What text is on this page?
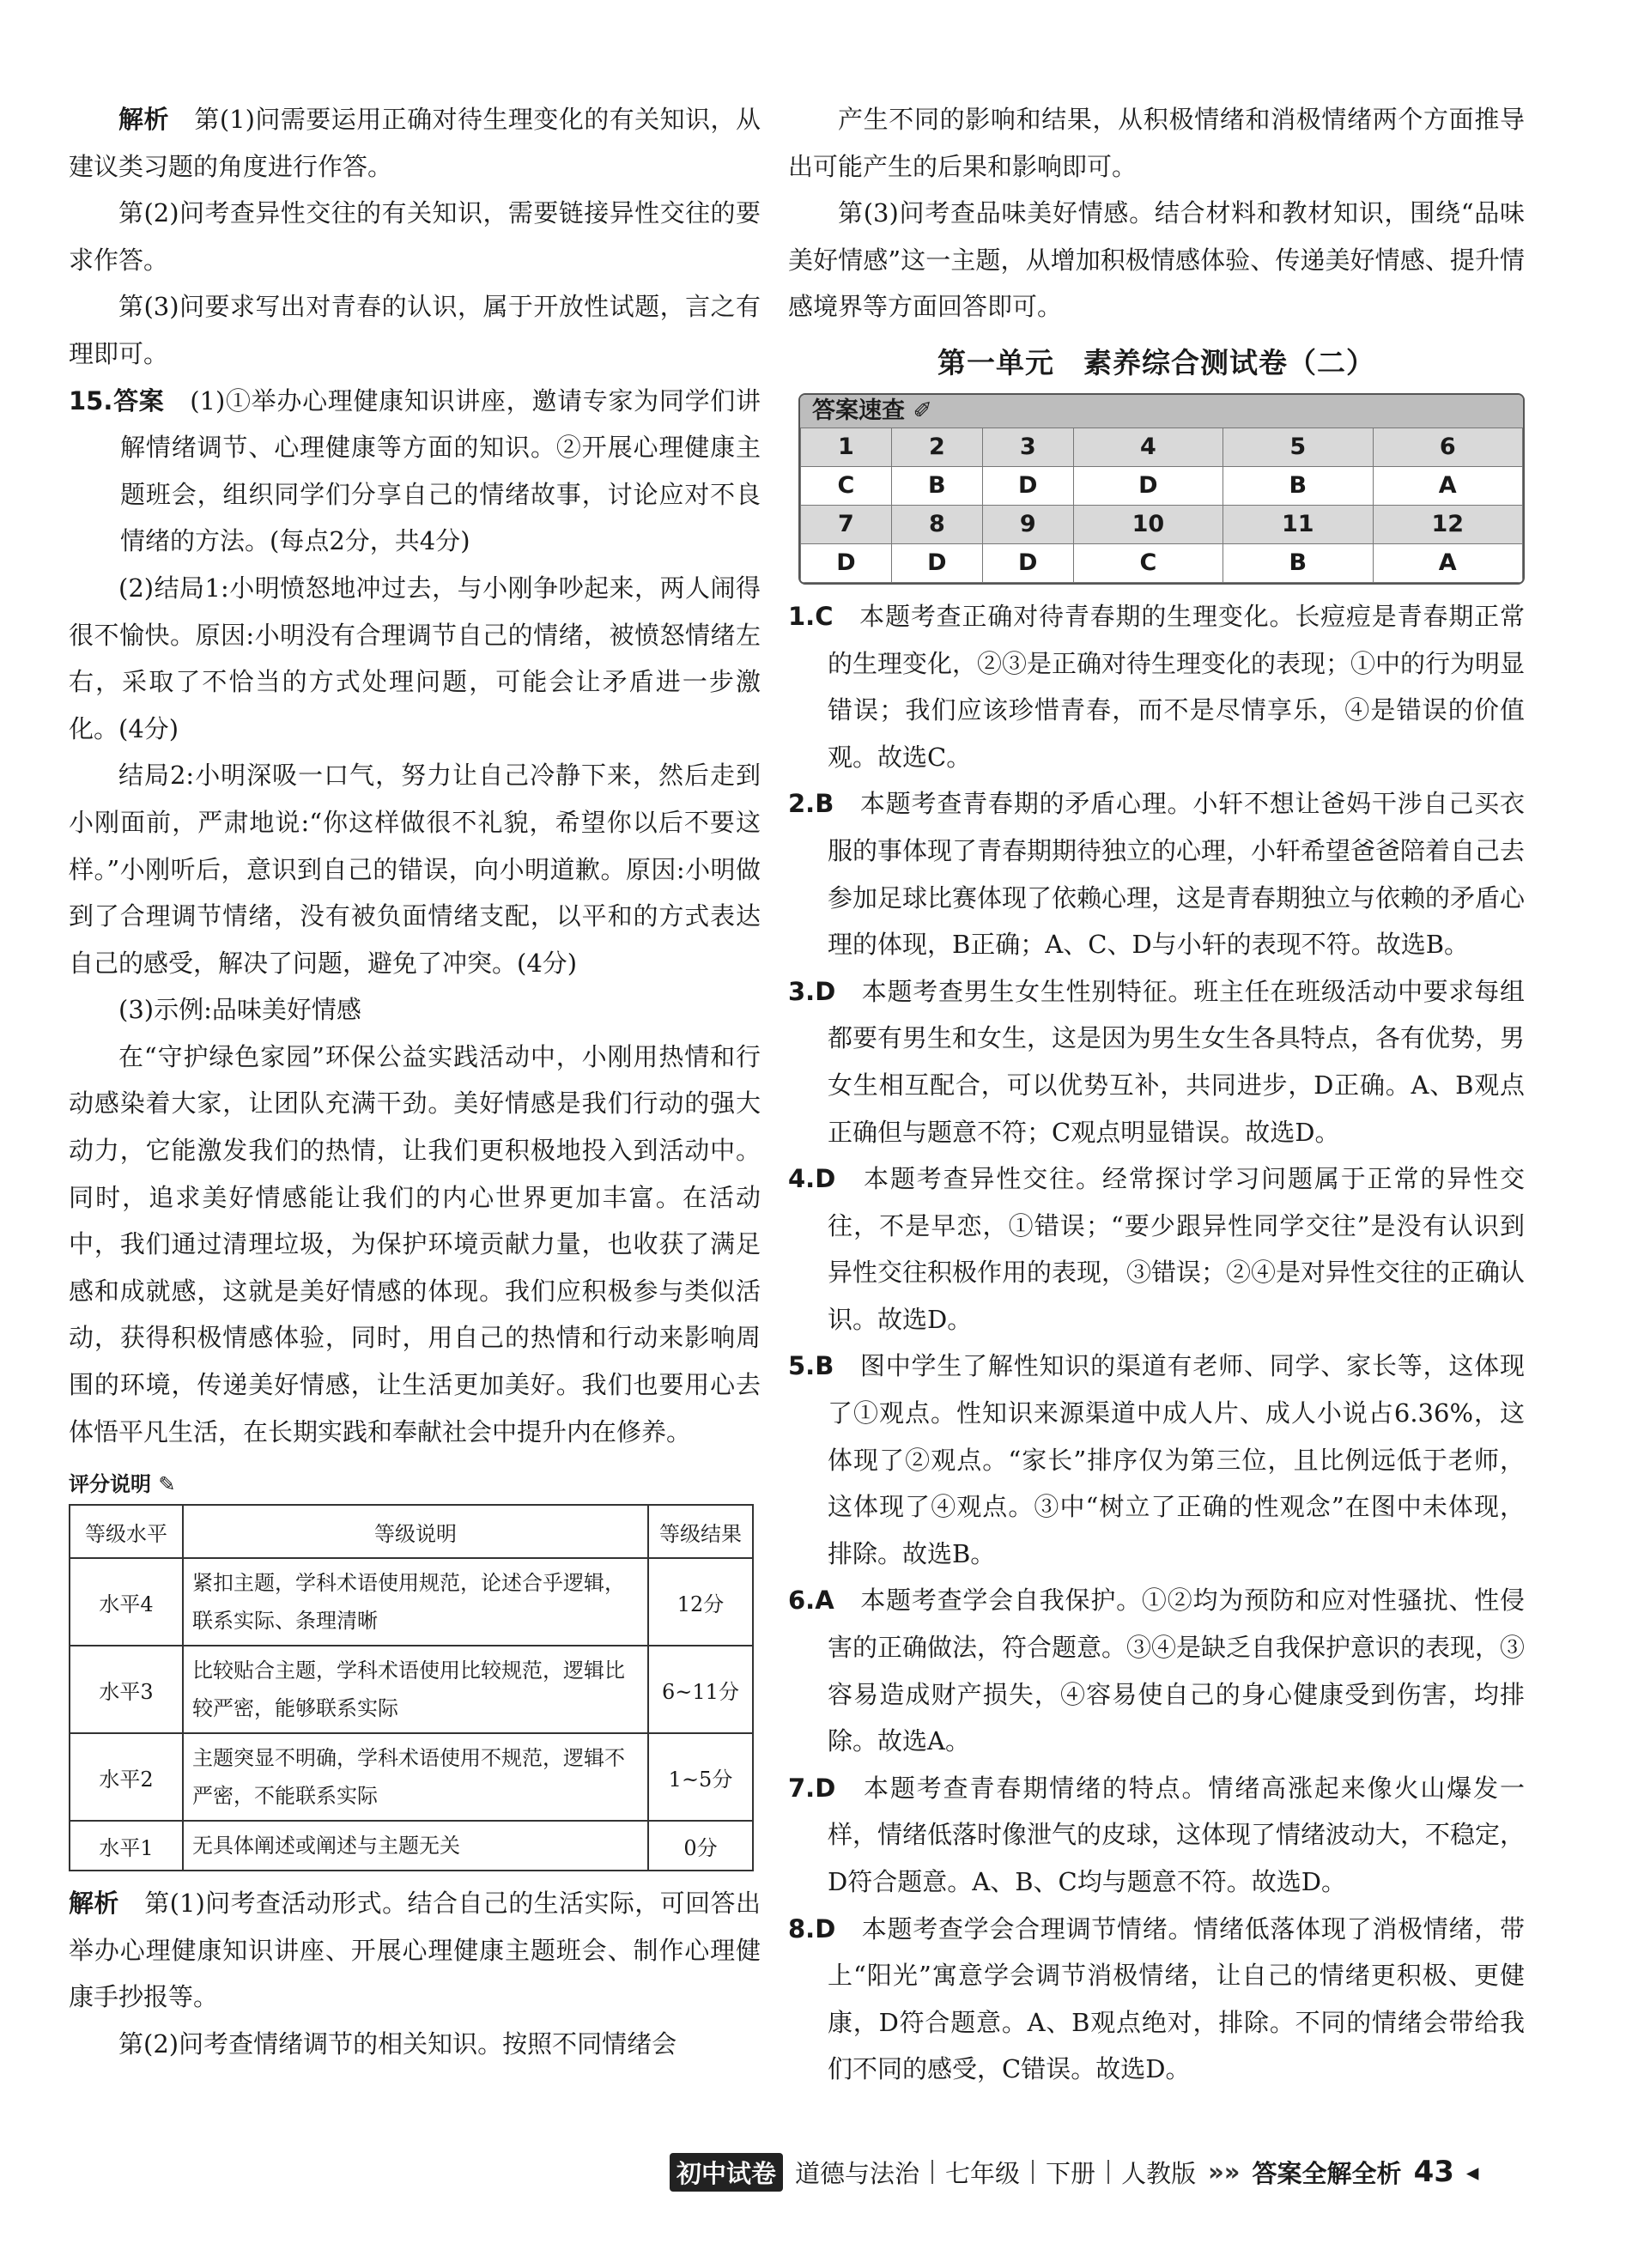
解析　 第(1)问需要运用正确对待生理变化的有关知识，从建议类习题的角度进行作答。

第(2)问考查异性交往的有关知识，需要链接异性交往的要求作答。

第(3)问要求写出对青春的认识，属于开放性试题，言之有理即可。

15.答案　 (1)①举办心理健康知识讲座，邀请专家为同学们讲解情绪调节、心理健康等方面的知识。②开展心理健康主题班会，组织同学们分享自己的情绪故事，讨论应对不良情绪的方法。(每点2分，共4分)

(2)结局1:小明愤怒地冲过去，与小刚争吵起来，两人闹得很不愉快。原因:小明没有合理调节自己的情绪，被愤怒情绪左右，采取了不恰当的方式处理问题，可能会让矛盾进一步激化。(4分)

结局2:小明深吸一口气，努力让自己冷静下来，然后走到小刚面前，严肃地说:“你这样做很不礼貌，希望你以后不要这样。”小刚听后，意识到自己的错误，向小明道歉。原因:小明做到了合理调节情绪，没有被负面情绪支配，以平和的方式表达自己的感受，解决了问题，避免了冲突。(4分)

(3)示例:品味美好情感

在“守护绿色家园”环保公益实践活动中，小刚用热情和行动感染着大家，让团队充满干劲。美好情感是我们行动的强大动力，它能激发我们的热情，让我们更积极地投入到活动中。同时，追求美好情感能让我们的内心世界更加丰富。在活动中，我们通过清理垃圾，为保护环境贡献力量，也收获了满足感和成就感，这就是美好情感的体现。我们应积极参与类似活动，获得积极情感体验，同时，用自己的热情和行动来影响周围的环境，传递美好情感，让生活更加美好。我们也要用心去体悟平凡生活，在长期实践和奉献社会中提升内在修养。

评分说明 ✎
等级水平	等级说明	等级结果
水平4	紧扣主题，学科术语使用规范，论述合乎逻辑，联系实际、条理清晰	12分
水平3	比较贴合主题，学科术语使用比较规范，逻辑比较严密，能够联系实际	6~11分
水平2	主题突显不明确，学科术语使用不规范，逻辑不严密，不能联系实际	1~5分
水平1	无具体阐述或阐述与主题无关	0分

解析　 第(1)问考查活动形式。结合自己的生活实际，可回答出举办心理健康知识讲座、开展心理健康主题班会、制作心理健康手抄报等。

第(2)问考查情绪调节的相关知识。按照不同情绪会

产生不同的影响和结果，从积极情绪和消极情绪两个方面推导出可能产生的后果和影响即可。

第(3)问考查品味美好情感。结合材料和教材知识，围绕“品味美好情感”这一主题，从增加积极情感体验、传递美好情感、提升情感境界等方面回答即可。

第一单元　素养综合测试卷（二）
答案速查 ✐
1	2	3	4	5	6
C	B	D	D	B	A
7	8	9	10	11	12
D	D	D	C	B	A

1.C　 本题考查正确对待青春期的生理变化。长痘痘是青春期正常的生理变化，②③是正确对待生理变化的表现；①中的行为明显错误；我们应该珍惜青春，而不是尽情享乐，④是错误的价值观。故选C。

2.B　 本题考查青春期的矛盾心理。小轩不想让爸妈干涉自己买衣服的事体现了青春期期待独立的心理，小轩希望爸爸陪着自己去参加足球比赛体现了依赖心理，这是青春期独立与依赖的矛盾心理的体现，B正确；A、C、D与小轩的表现不符。故选B。

3.D　 本题考查男生女生性别特征。班主任在班级活动中要求每组都要有男生和女生，这是因为男生女生各具特点，各有优势，男女生相互配合，可以优势互补，共同进步，D正确。A、B观点正确但与题意不符；C观点明显错误。故选D。

4.D　 本题考查异性交往。经常探讨学习问题属于正常的异性交往，不是早恋，①错误；“要少跟异性同学交往”是没有认识到异性交往积极作用的表现，③错误；②④是对异性交往的正确认识。故选D。

5.B　 图中学生了解性知识的渠道有老师、同学、家长等，这体现了①观点。性知识来源渠道中成人片、成人小说占6.36%，这体现了②观点。“家长”排序仅为第三位，且比例远低于老师，这体现了④观点。③中“树立了正确的性观念”在图中未体现，排除。故选B。

6.A　 本题考查学会自我保护。①②均为预防和应对性骚扰、性侵害的正确做法，符合题意。③④是缺乏自我保护意识的表现，③容易造成财产损失，④容易使自己的身心健康受到伤害，均排除。故选A。

7.D　 本题考查青春期情绪的特点。情绪高涨起来像火山爆发一样，情绪低落时像泄气的皮球，这体现了情绪波动大，不稳定，D符合题意。A、B、C均与题意不符。故选D。

8.D　 本题考查学会合理调节情绪。情绪低落体现了消极情绪，带上“阳光”寓意学会调节消极情绪，让自己的情绪更积极、更健康，D符合题意。A、B观点绝对，排除。不同的情绪会带给我们不同的感受，C错误。故选D。

初中试卷 道德与法治 七年级 下册 人教版 »» 答案全解全析 43 ◂
